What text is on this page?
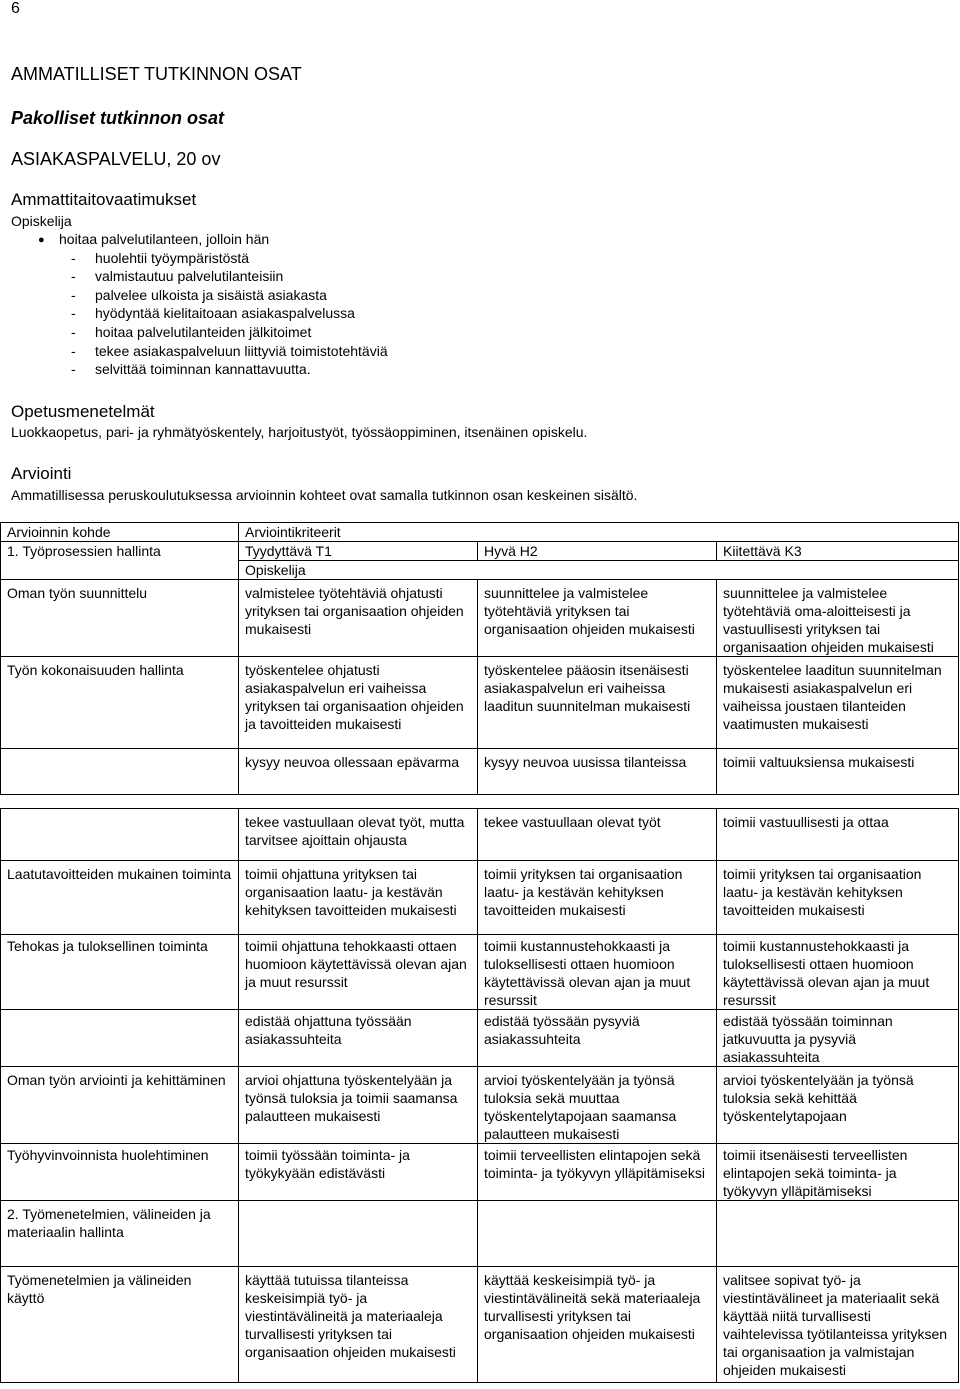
6
AMMATILLISET TUTKINNON OSAT
Pakolliset tutkinnon osat
ASIAKASPALVELU, 20 ov
Ammattitaitovaatimukset
Opiskelija
● hoitaa palvelutilanteen, jolloin hän
- huolehtii työympäristöstä
- valmistautuu palvelutilanteisiin
- palvelee ulkoista ja sisäistä asiakasta
- hyödyntää kielitaitoaan asiakaspalvelussa
- hoitaa palvelutilanteiden jälkitoimet
- tekee asiakaspalveluun liittyviä toimistotehtäviä
- selvittää toiminnan kannattavuutta.
Opetusmenetelmät
Luokkaopetus, pari- ja ryhmätyöskentely, harjoitustyöt, työssäoppiminen, itsenäinen opiskelu.
Arviointi
Ammatillisessa peruskoulutuksessa arvioinnin kohteet ovat samalla tutkinnon osan keskeinen sisältö.
Arvioinnin kohde	Arviointikriteerit		
1. Työprosessien hallinta	Tyydyttävä T1	Hyvä H2	Kiitettävä K3
	Opiskelija		
Oman työn suunnittelu	valmistelee työtehtäviä ohjatusti yrityksen tai organisaation ohjeiden mukaisesti	suunnittelee ja valmistelee työtehtäviä yrityksen tai organisaation ohjeiden mukaisesti	suunnittelee ja valmistelee työtehtäviä oma-aloitteisesti ja vastuullisesti yrityksen tai organisaation ohjeiden mukaisesti
Työn kokonaisuuden hallinta	työskentelee ohjatusti asiakaspalvelun eri vaiheissa yrityksen tai organisaation ohjeiden ja tavoitteiden mukaisesti	työskentelee pääosin itsenäisesti asiakaspalvelun eri vaiheissa laaditun suunnitelman mukaisesti	työskentelee laaditun suunnitelman mukaisesti asiakaspalvelun eri vaiheissa joustaen tilanteiden vaatimusten mukaisesti
	kysyy neuvoa ollessaan epävarma	kysyy neuvoa uusissa tilanteissa	toimii valtuuksiensa mukaisesti

	tekee vastuullaan olevat työt, mutta tarvitsee ajoittain ohjausta	tekee vastuullaan olevat työt	toimii vastuullisesti ja ottaa
Laatutavoitteiden mukainen toiminta	toimii ohjattuna yrityksen tai organisaation laatu- ja kestävän kehityksen tavoitteiden mukaisesti	toimii yrityksen tai organisaation laatu- ja kestävän kehityksen tavoitteiden mukaisesti	toimii yrityksen tai organisaation laatu- ja kestävän kehityksen tavoitteiden mukaisesti
Tehokas ja tuloksellinen toiminta	toimii ohjattuna tehokkaasti ottaen huomioon käytettävissä olevan ajan ja muut resurssit	toimii kustannustehokkaasti ja tuloksellisesti ottaen huomioon käytettävissä olevan ajan ja muut resurssit	toimii kustannustehokkaasti ja tuloksellisesti ottaen huomioon käytettävissä olevan ajan ja muut resurssit
	edistää ohjattuna työssään asiakassuhteita	edistää työssään pysyviä asiakassuhteita	edistää työssään toiminnan jatkuvuutta ja pysyviä asiakassuhteita
Oman työn arviointi ja kehittäminen	arvioi ohjattuna työskentelyään ja työnsä tuloksia ja toimii saamansa palautteen mukaisesti	arvioi työskentelyään ja työnsä tuloksia sekä muuttaa työskentelytapojaan saamansa palautteen mukaisesti	arvioi työskentelyään ja työnsä tuloksia sekä kehittää työskentelytapojaan
Työhyvinvoinnista huolehtiminen	toimii työssään toiminta- ja työkykyään edistävästi	toimii terveellisten elintapojen sekä toiminta- ja työkyvyn ylläpitämiseksi	toimii itsenäisesti terveellisten elintapojen sekä toiminta- ja työkyvyn ylläpitämiseksi
2. Työmenetelmien, välineiden ja materiaalin hallinta			
Työmenetelmien ja välineiden käyttö	käyttää tutuissa tilanteissa keskeisimpiä työ- ja viestintävälineitä ja materiaaleja turvallisesti yrityksen tai organisaation ohjeiden mukaisesti	käyttää keskeisimpiä työ- ja viestintävälineitä sekä materiaaleja turvallisesti yrityksen tai organisaation ohjeiden mukaisesti	valitsee sopivat työ- ja viestintävälineet ja materiaalit sekä käyttää niitä turvallisesti vaihtelevissa työtilanteissa yrityksen tai organisaation ja valmistajan ohjeiden mukaisesti
